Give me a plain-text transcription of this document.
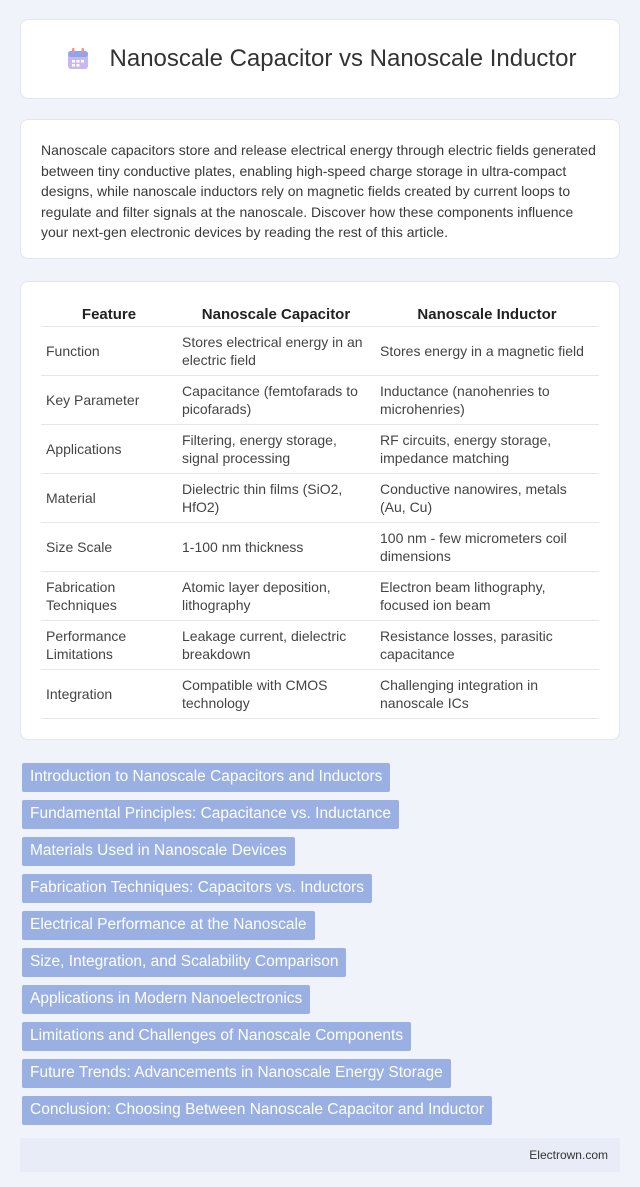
Nanoscale Capacitor vs Nanoscale Inductor

Nanoscale capacitors store and release electrical energy through electric fields generated between tiny conductive plates, enabling high-speed charge storage in ultra-compact designs, while nanoscale inductors rely on magnetic fields created by current loops to regulate and filter signals at the nanoscale. Discover how these components influence your next-gen electronic devices by reading the rest of this article.

Feature	Nanoscale Capacitor	Nanoscale Inductor
Function	Stores electrical energy in an electric field	Stores energy in a magnetic field
Key Parameter	Capacitance (femtofarads to picofarads)	Inductance (nanohenries to microhenries)
Applications	Filtering, energy storage, signal processing	RF circuits, energy storage, impedance matching
Material	Dielectric thin films (SiO2, HfO2)	Conductive nanowires, metals (Au, Cu)
Size Scale	1-100 nm thickness	100 nm - few micrometers coil dimensions
Fabrication Techniques	Atomic layer deposition, lithography	Electron beam lithography, focused ion beam
Performance Limitations	Leakage current, dielectric breakdown	Resistance losses, parasitic capacitance
Integration	Compatible with CMOS technology	Challenging integration in nanoscale ICs
Introduction to Nanoscale Capacitors and Inductors
Fundamental Principles: Capacitance vs. Inductance
Materials Used in Nanoscale Devices
Fabrication Techniques: Capacitors vs. Inductors
Electrical Performance at the Nanoscale
Size, Integration, and Scalability Comparison
Applications in Modern Nanoelectronics
Limitations and Challenges of Nanoscale Components
Future Trends: Advancements in Nanoscale Energy Storage
Conclusion: Choosing Between Nanoscale Capacitor and Inductor
Electrown.com
